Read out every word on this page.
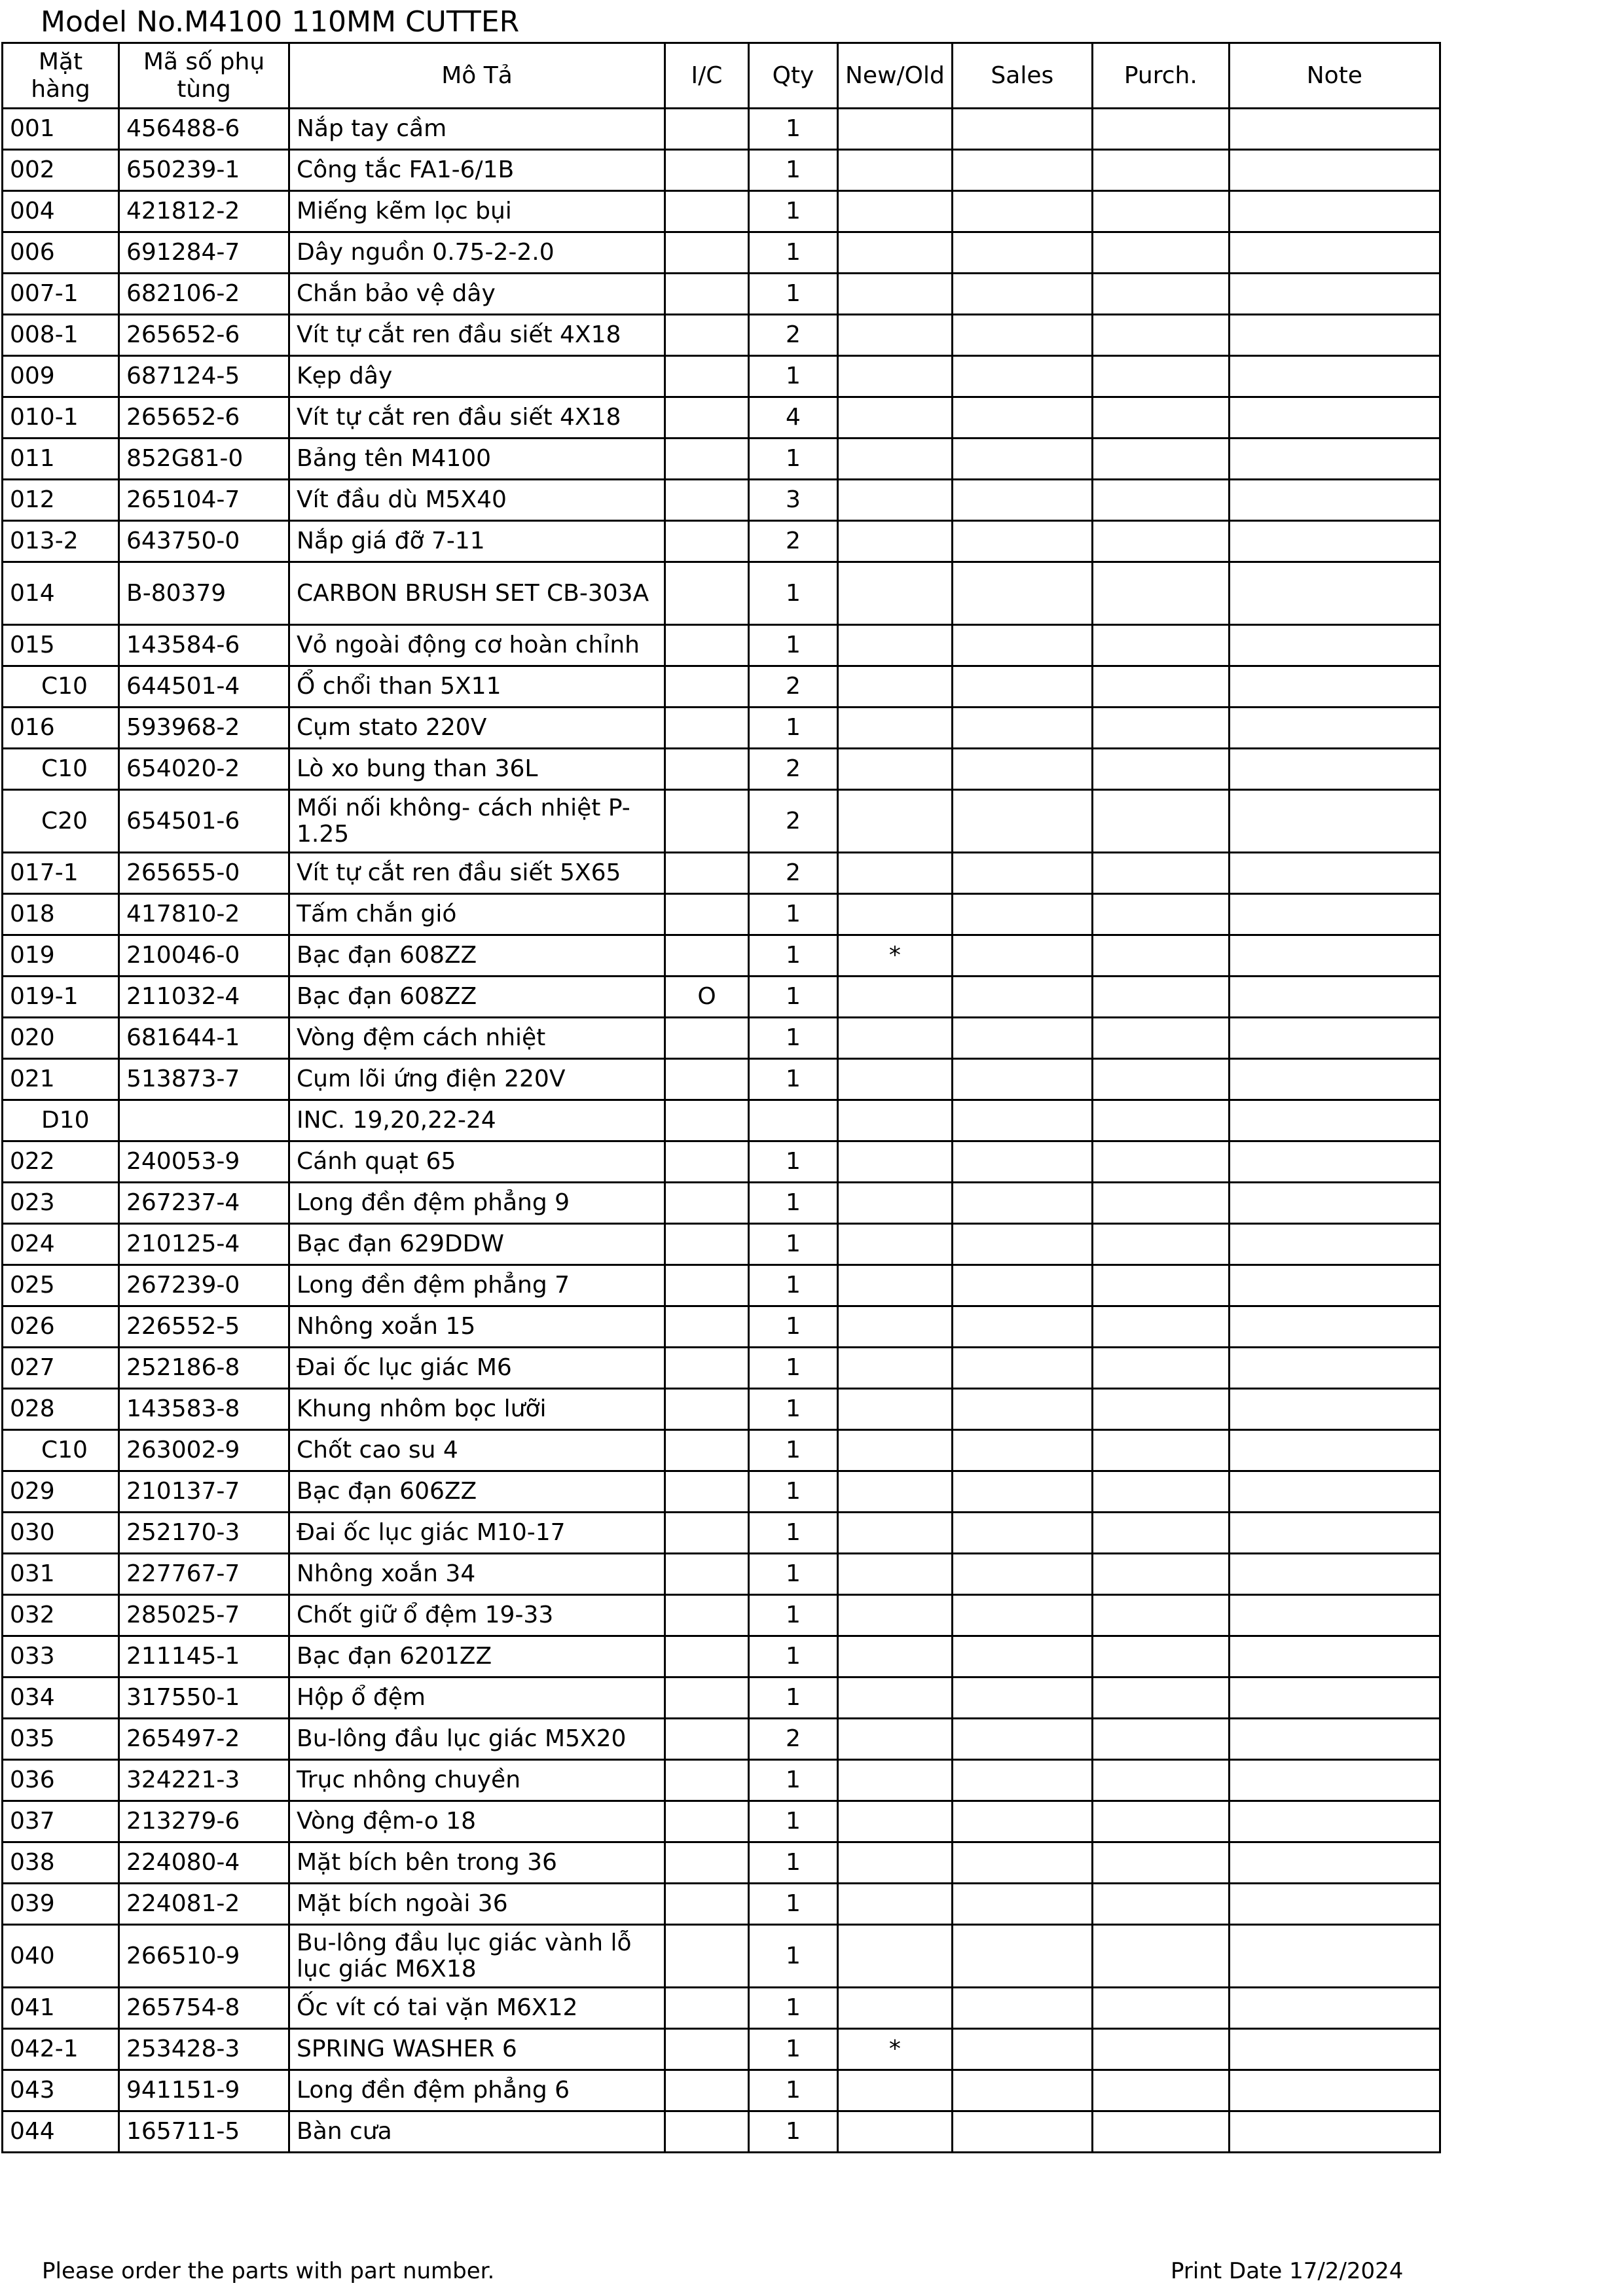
Model No.M4100 110MM CUTTER
Mặt hàng	Mã số phụ tùng	Mô Tả	I/C	Qty	New/Old	Sales	Purch.	Note
001	456488-6	Nắp tay cầm		1				
002	650239-1	Công tắc FA1-6/1B		1				
004	421812-2	Miếng kẽm lọc bụi		1				
006	691284-7	Dây nguồn 0.75-2-2.0		1				
007-1	682106-2	Chắn bảo vệ dây		1				
008-1	265652-6	Vít tự cắt ren đầu siết 4X18		2				
009	687124-5	Kẹp dây		1				
010-1	265652-6	Vít tự cắt ren đầu siết 4X18		4				
011	852G81-0	Bảng tên M4100		1				
012	265104-7	Vít đầu dù M5X40		3				
013-2	643750-0	Nắp giá đỡ 7-11		2				
014	B-80379	CARBON BRUSH SET CB-303A		1				
015	143584-6	Vỏ ngoài động cơ hoàn chỉnh		1				
C10	644501-4	Ổ chổi than 5X11		2				
016	593968-2	Cụm stato 220V		1				
C10	654020-2	Lò xo bung than 36L		2				
C20	654501-6	Mối nối không- cách nhiệt P-1.25		2				
017-1	265655-0	Vít tự cắt ren đầu siết 5X65		2				
018	417810-2	Tấm chắn gió		1				
019	210046-0	Bạc đạn 608ZZ		1	*			
019-1	211032-4	Bạc đạn 608ZZ	O	1				
020	681644-1	Vòng đệm cách nhiệt		1				
021	513873-7	Cụm lõi ứng điện 220V		1				
D10		INC. 19,20,22-24						
022	240053-9	Cánh quạt 65		1				
023	267237-4	Long đền đệm phẳng 9		1				
024	210125-4	Bạc đạn 629DDW		1				
025	267239-0	Long đền đệm phẳng 7		1				
026	226552-5	Nhông xoắn 15		1				
027	252186-8	Đai ốc lục giác M6		1				
028	143583-8	Khung nhôm bọc lưỡi		1				
C10	263002-9	Chốt cao su 4		1				
029	210137-7	Bạc đạn 606ZZ		1				
030	252170-3	Đai ốc lục giác M10-17		1				
031	227767-7	Nhông xoắn 34		1				
032	285025-7	Chốt giữ ổ đệm 19-33		1				
033	211145-1	Bạc đạn 6201ZZ		1				
034	317550-1	Hộp ổ đệm		1				
035	265497-2	Bu-lông đầu lục giác M5X20		2				
036	324221-3	Trục nhông chuyền		1				
037	213279-6	Vòng đệm-o 18		1				
038	224080-4	Mặt bích bên trong 36		1				
039	224081-2	Mặt bích ngoài 36		1				
040	266510-9	Bu-lông đầu lục giác vành lỗ lục giác M6X18		1				
041	265754-8	Ốc vít có tai vặn M6X12		1				
042-1	253428-3	SPRING WASHER 6		1	*			
043	941151-9	Long đền đệm phẳng 6		1				
044	165711-5	Bàn cưa		1				
Please order the parts with part number.	Print Date 17/2/2024
